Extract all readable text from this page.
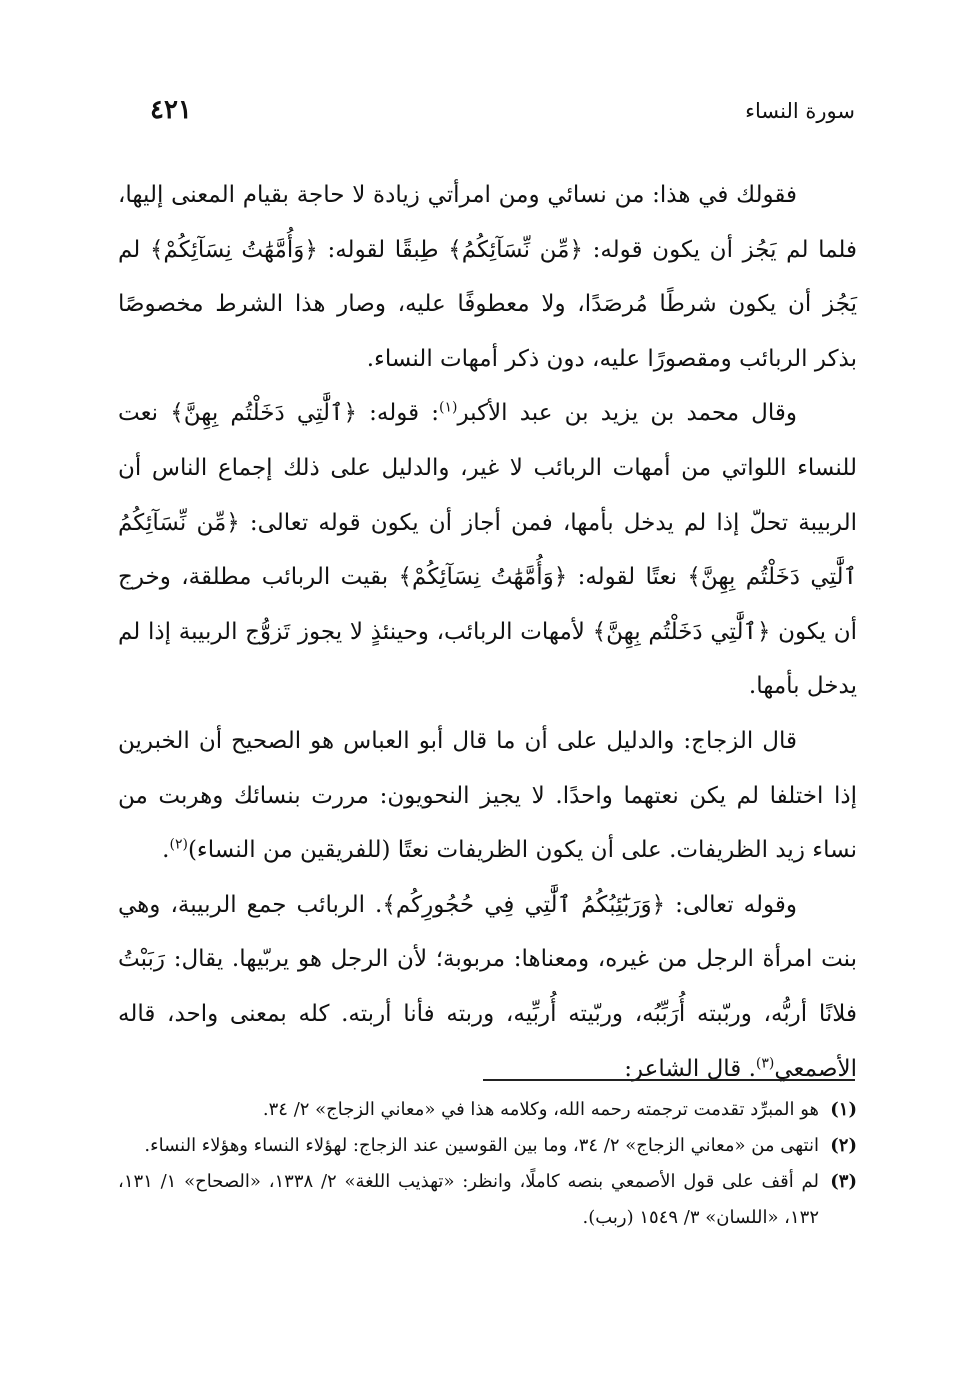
سورة النساء
٤٢١

فقولك في هذا: من نسائي ومن امرأتي زيادة لا حاجة بقيام المعنى إليها، فلما لم يَجُز أن يكون قوله: ﴿مِّن نِّسَآئِكُمُ﴾ طِبقًا لقوله: ﴿وَأُمَّهَٰتُ نِسَآئِكُمْ﴾ لم يَجُز أن يكون شرطًا مُرصَدًا، ولا معطوفًا عليه، وصار هذا الشرط مخصوصًا بذكر الربائب ومقصورًا عليه، دون ذكر أمهات النساء.

وقال محمد بن يزيد بن عبد الأكبر$^{(١)}$: قوله: ﴿ٱلَّٰتِي دَخَلْتُم بِهِنَّ﴾ نعت للنساء اللواتي من أمهات الربائب لا غير، والدليل على ذلك إجماع الناس أن الربيبة تحلّ إذا لم يدخل بأمها، فمن أجاز أن يكون قوله تعالى: ﴿مِّن نِّسَآئِكُمُ ٱلَّٰتِي دَخَلْتُم بِهِنَّ﴾ نعتًا لقوله: ﴿وَأُمَّهَٰتُ نِسَآئِكُمْ﴾ بقيت الربائب مطلقة، وخرج أن يكون ﴿ٱلَّٰتِي دَخَلْتُم بِهِنَّ﴾ لأمهات الربائب، وحينئذٍ لا يجوز تَزوُّج الربيبة إذا لم يدخل بأمها.

قال الزجاج: والدليل على أن ما قال أبو العباس هو الصحيح أن الخبرين إذا اختلفا لم يكن نعتهما واحدًا. لا يجيز النحويون: مررت بنسائك وهربت من نساء زيد الظريفات. على أن يكون الظريفات نعتًا (للفريقين من النساء)$^{(٢)}$.

وقوله تعالى: ﴿وَرَبَٰٓئِبُكُمُ ٱلَّٰتِي فِي حُجُورِكُم﴾. الربائب جمع الربيبة، وهي بنت امرأة الرجل من غيره، ومعناها: مربوبة؛ لأن الرجل هو يربّيها. يقال: رَبَبْتُ فلانًا أربُّه، وربّبته أُرَبِّبُه، وربّيته أُربِّيه، وربته فأنا أربته. كله بمعنى واحد، قاله الأصمعي$^{(٣)}$. قال الشاعر:

(١)
هو المبرِّد تقدمت ترجمته رحمه الله، وكلامه هذا في «معاني الزجاج» ٢/ ٣٤.

(٢)
انتهى من «معاني الزجاج» ٢/ ٣٤، وما بين القوسين عند الزجاج: لهؤلاء النساء وهؤلاء النساء.

(٣)
لم أقف على قول الأصمعي بنصه كاملًا، وانظر: «تهذيب اللغة» ٢/ ١٣٣٨، «الصحاح» ١/ ١٣١، ١٣٢، «اللسان» ٣/ ١٥٤٩ (ربب).
